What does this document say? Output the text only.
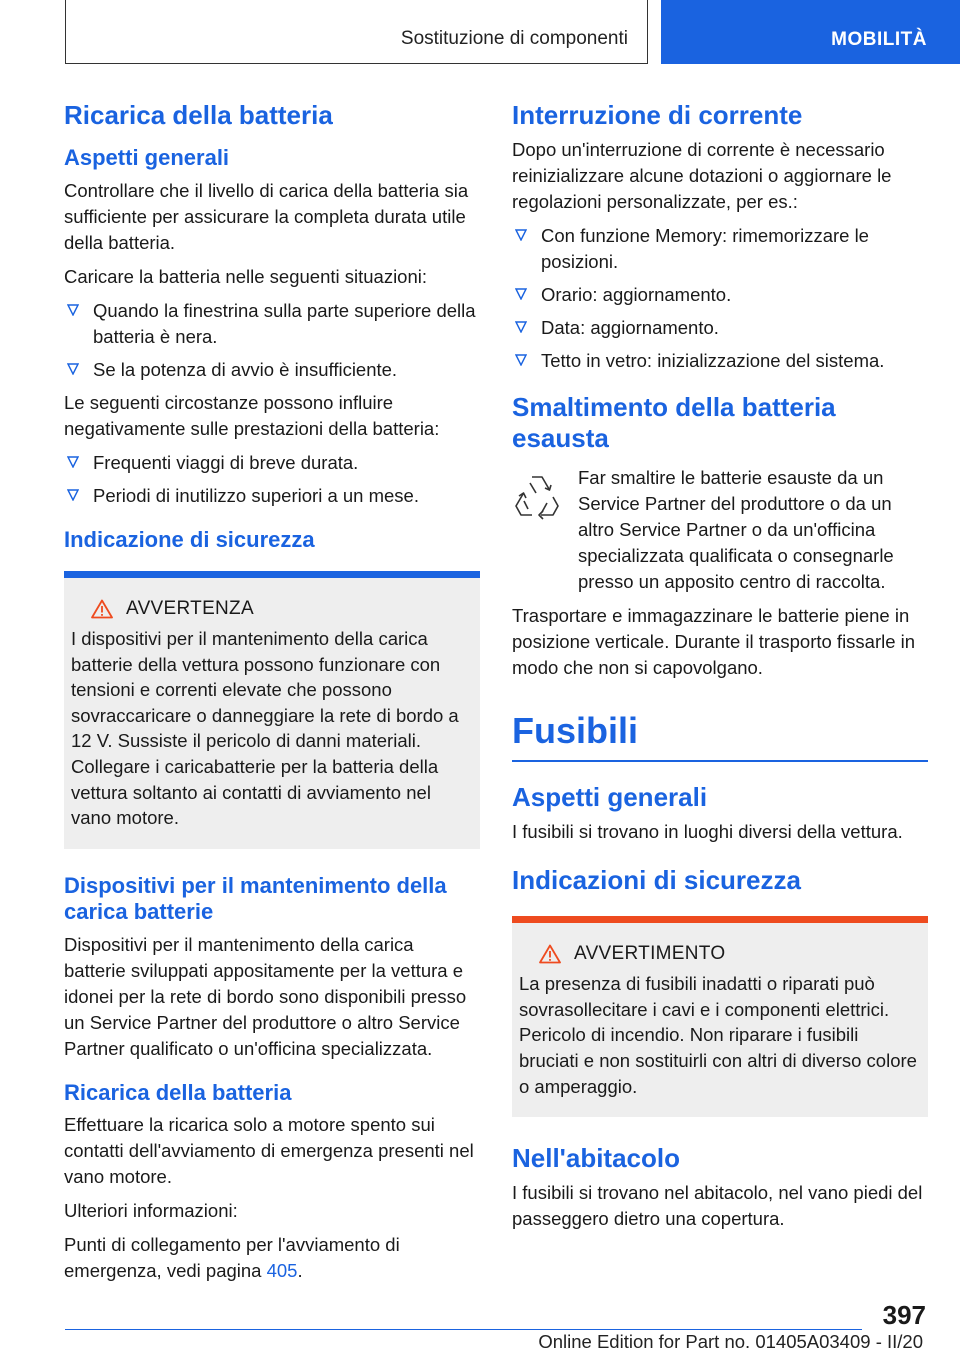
Sostituzione di componenti	MOBILITÀ
Ricarica della batteria
Aspetti generali
Controllare che il livello di carica della batteria sia sufficiente per assicurare la completa durata utile della batteria.
Caricare la batteria nelle seguenti situazioni:
Quando la finestrina sulla parte superiore della batteria è nera.
Se la potenza di avvio è insufficiente.
Le seguenti circostanze possono influire negativamente sulle prestazioni della batteria:
Frequenti viaggi di breve durata.
Periodi di inutilizzo superiori a un mese.
Indicazione di sicurezza
AVVERTENZA
I dispositivi per il mantenimento della carica batterie della vettura possono funzionare con tensioni e correnti elevate che possono sovraccaricare o danneggiare la rete di bordo a 12 V. Sussiste il pericolo di danni materiali. Collegare i caricabatterie per la batteria della vettura soltanto ai contatti di avviamento nel vano motore.
Dispositivi per il mantenimento della carica batterie
Dispositivi per il mantenimento della carica batterie sviluppati appositamente per la vettura e idonei per la rete di bordo sono disponibili presso un Service Partner del produttore o altro Service Partner qualificato o un'officina specializzata.
Ricarica della batteria
Effettuare la ricarica solo a motore spento sui contatti dell'avviamento di emergenza presenti nel vano motore.
Ulteriori informazioni:
Punti di collegamento per l'avviamento di emergenza, vedi pagina 405.
Interruzione di corrente
Dopo un'interruzione di corrente è necessario reinizializzare alcune dotazioni o aggiornare le regolazioni personalizzate, per es.:
Con funzione Memory: rimemorizzare le posizioni.
Orario: aggiornamento.
Data: aggiornamento.
Tetto in vetro: inizializzazione del sistema.
Smaltimento della batteria esausta
Far smaltire le batterie esauste da un Service Partner del produttore o da un altro Service Partner o da un'officina specializzata qualificata o consegnarle presso un apposito centro di raccolta.
Trasportare e immagazzinare le batterie piene in posizione verticale. Durante il trasporto fissarle in modo che non si capovolgano.
Fusibili
Aspetti generali
I fusibili si trovano in luoghi diversi della vettura.
Indicazioni di sicurezza
AVVERTIMENTO
La presenza di fusibili inadatti o riparati può sovrasollecitare i cavi e i componenti elettrici. Pericolo di incendio. Non riparare i fusibili bruciati e non sostituirli con altri di diverso colore o amperaggio.
Nell'abitacolo
I fusibili si trovano nel abitacolo, nel vano piedi del passeggero dietro una copertura.
397
Online Edition for Part no. 01405A03409 - II/20
